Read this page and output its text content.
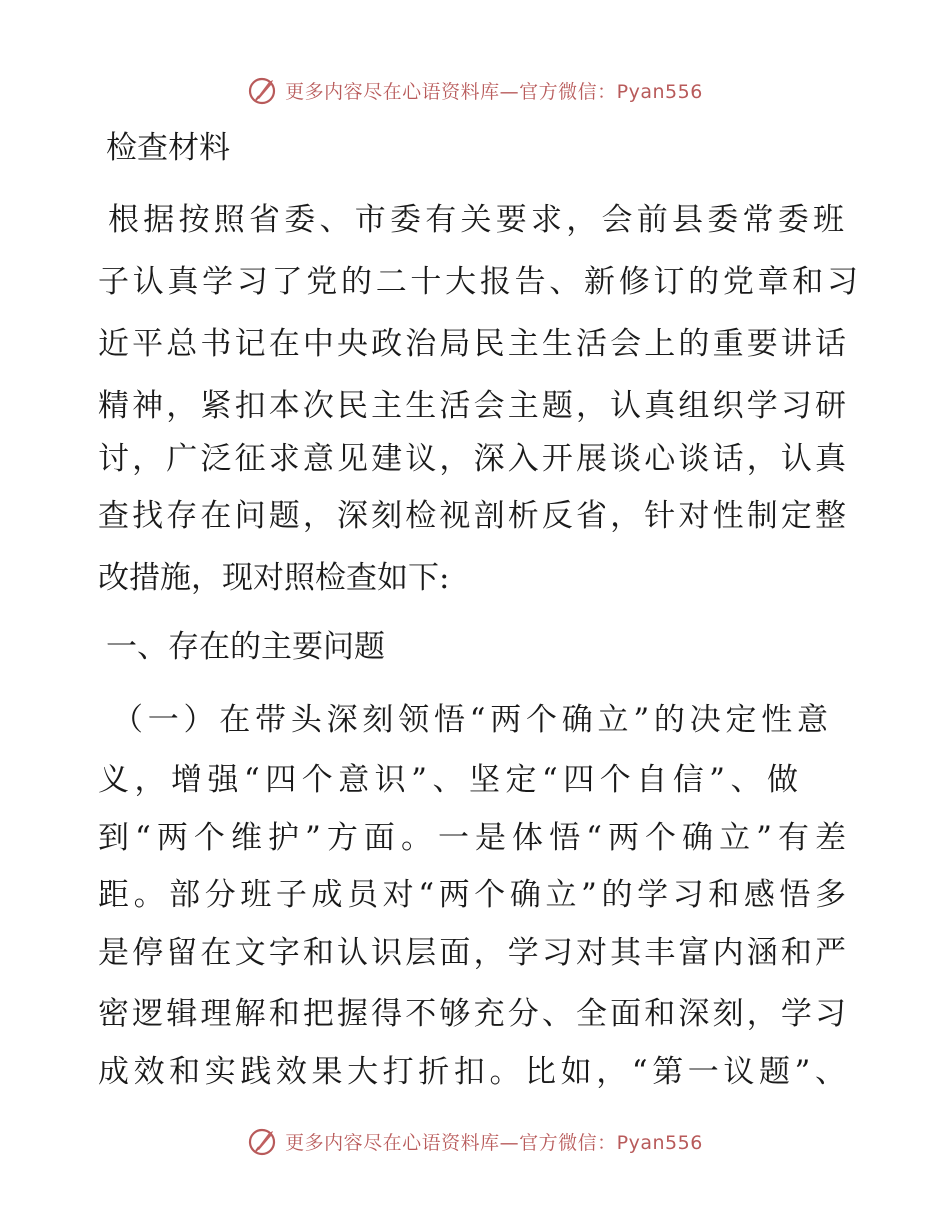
更多内容尽在心语资料库—官方微信：Pyan556
检查材料
根据按照省委、市委有关要求，会前县委常委班
子认真学习了党的二十大报告、新修订的党章和习
近平总书记在中央政治局民主生活会上的重要讲话
精神，紧扣本次民主生活会主题，认真组织学习研
讨，广泛征求意见建议，深入开展谈心谈话，认真
查找存在问题，深刻检视剖析反省，针对性制定整
改措施，现对照检查如下:
一、存在的主要问题
（一）在带头深刻领悟“两个确立”的决定性意
义，增强“四个意识”、坚定“四个自信”、做
到“两个维护”方面。一是体悟“两个确立”有差
距。部分班子成员对“两个确立”的学习和感悟多
是停留在文字和认识层面，学习对其丰富内涵和严
密逻辑理解和把握得不够充分、全面和深刻，学习
成效和实践效果大打折扣。比如，“第一议题”、
更多内容尽在心语资料库—官方微信：Pyan556
